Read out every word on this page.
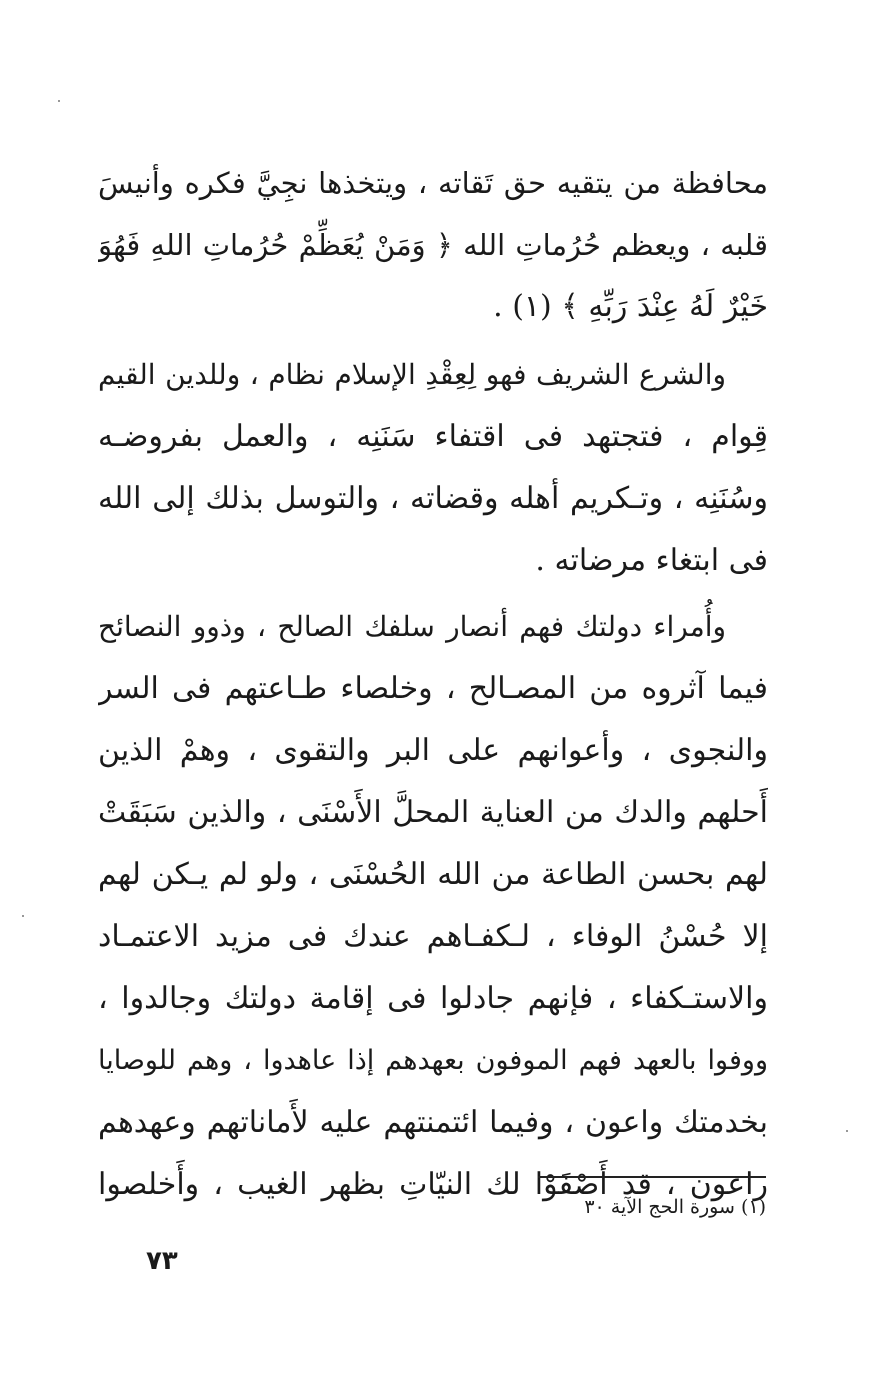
محافظة من يتقيه حق تَقاته ، ويتخذها نجِيَّ فكره وأنيسَ
قلبه ، ويعظم حُرُماتِ الله ﴿ وَمَنْ يُعَظِّمْ حُرُماتِ اللهِ فَهُوَ
خَيْرٌ لَهُ عِنْدَ رَبِّهِ ﴾ (١) .
والشرع الشريف فهو لِعِقْدِ الإسلام نظام ، وللدين القيم
قِوام ، فتجتهد فى اقتفاء سَنَنِه ، والعمل بفروضـه
وسُنَنِه ، وتـكريم أهله وقضاته ، والتوسل بذلك إلى الله
فى ابتغاء مرضاته .
وأُمراء دولتك فهم أنصار سلفك الصالح ، وذوو النصائح
فيما آثروه من المصـالح ، وخلصاء طـاعتهم فى السر
والنجوى ، وأعوانهم على البر والتقوى ، وهمْ الذين
أَحلهم والدك من العناية المحلَّ الأَسْنَى ، والذين سَبَقَتْ
لهم بحسن الطاعة من الله الحُسْنَى ، ولو لم يـكن لهم
إلا حُسْنُ الوفاء ، لـكفـاهم عندك فى مزيد الاعتمـاد
والاستـكفاء ، فإنهم جادلوا فى إقامة دولتك وجالدوا ،
ووفوا بالعهد فهم الموفون بعهدهم إذا عاهدوا ، وهم للوصايا
بخدمتك واعون ، وفيما ائتمنتهم عليه لأَماناتهم وعهدهم
راعون ، قد أَصْفَوْا لك النيّاتِ بظهر الغيب ، وأَخلصوا
(١) سورة الحج الآية ٣٠
٧٣
